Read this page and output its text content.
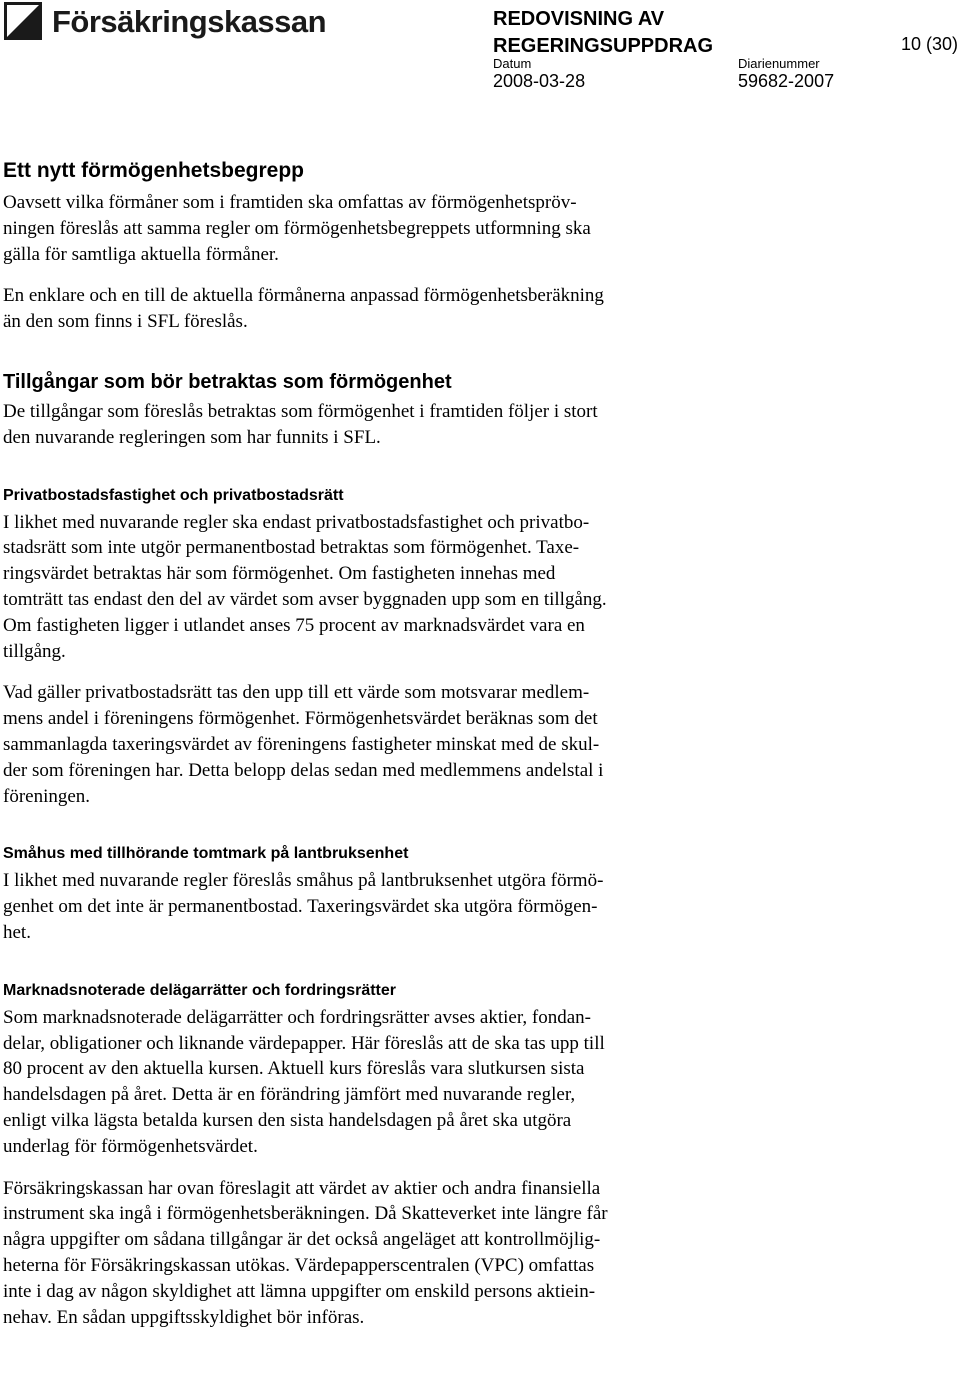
Försäkringskassan	REDOVISNING AV
REGERINGSUPPDRAG	10 (30)
Datum
2008-03-28
Diarienummer
59682-2007
Ett nytt förmögenhetsbegrepp

Oavsett vilka förmåner som i framtiden ska omfattas av förmögenhetspröv-
ningen föreslås att samma regler om förmögenhetsbegreppets utformning ska
gälla för samtliga aktuella förmåner.

En enklare och en till de aktuella förmånerna anpassad förmögenhetsberäkning
än den som finns i SFL föreslås.

Tillgångar som bör betraktas som förmögenhet

De tillgångar som föreslås betraktas som förmögenhet i framtiden följer i stort
den nuvarande regleringen som har funnits i SFL.

Privatbostadsfastighet och privatbostadsrätt

I likhet med nuvarande regler ska endast privatbostadsfastighet och privatbo-
stadsrätt som inte utgör permanentbostad betraktas som förmögenhet. Taxe-
ringsvärdet betraktas här som förmögenhet. Om fastigheten innehas med
tomträtt tas endast den del av värdet som avser byggnaden upp som en tillgång.
Om fastigheten ligger i utlandet anses 75 procent av marknadsvärdet vara en
tillgång.

Vad gäller privatbostadsrätt tas den upp till ett värde som motsvarar medlem-
mens andel i föreningens förmögenhet. Förmögenhetsvärdet beräknas som det
sammanlagda taxeringsvärdet av föreningens fastigheter minskat med de skul-
der som föreningen har. Detta belopp delas sedan med medlemmens andelstal i
föreningen.

Småhus med tillhörande tomtmark på lantbruksenhet

I likhet med nuvarande regler föreslås småhus på lantbruksenhet utgöra förmö-
genhet om det inte är permanentbostad. Taxeringsvärdet ska utgöra förmögen-
het.

Marknadsnoterade delägarrätter och fordringsrätter

Som marknadsnoterade delägarrätter och fordringsrätter avses aktier, fondan-
delar, obligationer och liknande värdepapper. Här föreslås att de ska tas upp till
80 procent av den aktuella kursen. Aktuell kurs föreslås vara slutkursen sista
handelsdagen på året. Detta är en förändring jämfört med nuvarande regler,
enligt vilka lägsta betalda kursen den sista handelsdagen på året ska utgöra
underlag för förmögenhetsvärdet.

Försäkringskassan har ovan föreslagit att värdet av aktier och andra finansiella
instrument ska ingå i förmögenhetsberäkningen. Då Skatteverket inte längre får
några uppgifter om sådana tillgångar är det också angeläget att kontrollmöjlig-
heterna för Försäkringskassan utökas. Värdepapperscentralen (VPC) omfattas
inte i dag av någon skyldighet att lämna uppgifter om enskild persons aktiein-
nehav. En sådan uppgiftsskyldighet bör införas.
